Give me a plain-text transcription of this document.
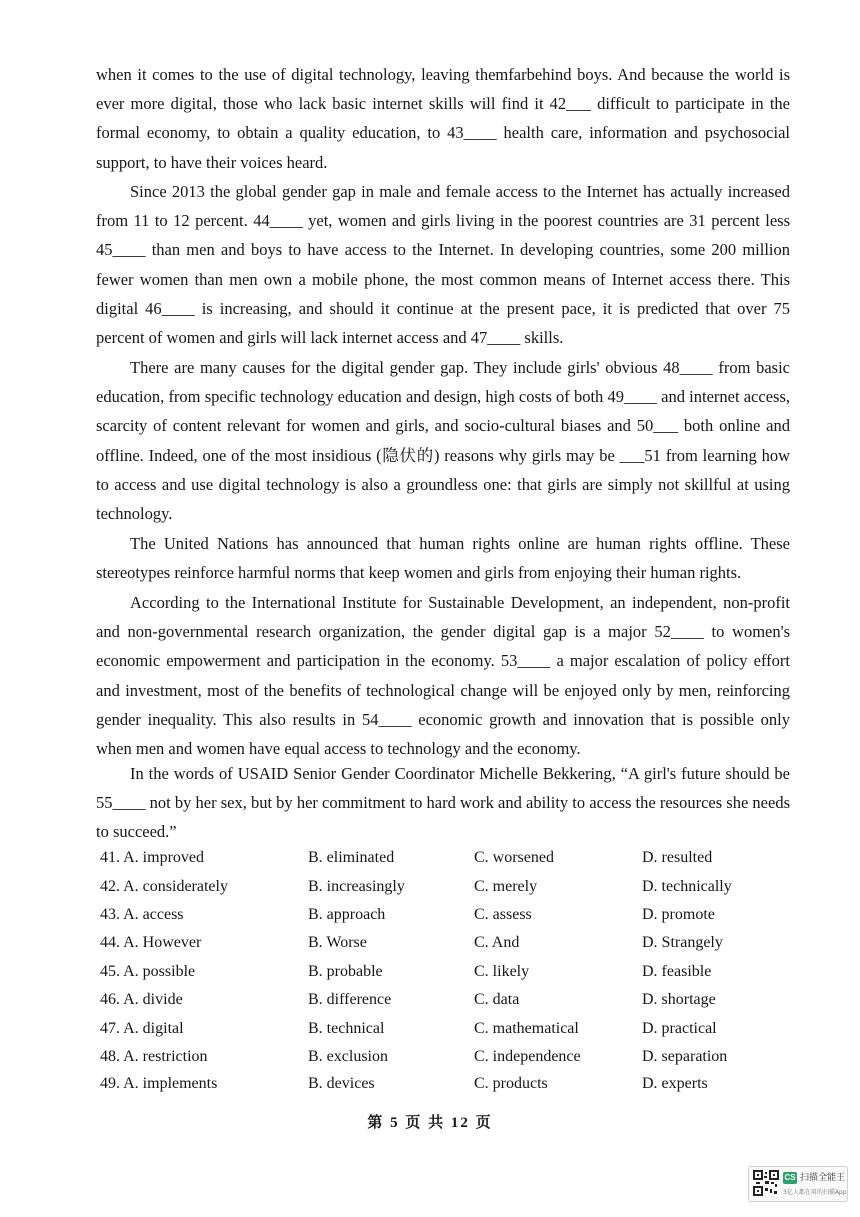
when it comes to the use of digital technology, leaving themfarbehind boys. And because the world is ever more digital, those who lack basic internet skills will find it 42___ difficult to participate in the formal economy, to obtain a quality education, to 43____ health care, information and psychosocial support, to have their voices heard.

Since 2013 the global gender gap in male and female access to the Internet has actually increased from 11 to 12 percent. 44____ yet, women and girls living in the poorest countries are 31 percent less 45____ than men and boys to have access to the Internet. In developing countries, some 200 million fewer women than men own a mobile phone, the most common means of Internet access there. This digital 46____ is increasing, and should it continue at the present pace, it is predicted that over 75 percent of women and girls will lack internet access and 47____ skills.

There are many causes for the digital gender gap. They include girls' obvious 48____ from basic education, from specific technology education and design, high costs of both 49____ and internet access, scarcity of content relevant for women and girls, and socio-cultural biases and 50___ both online and offline. Indeed, one of the most insidious (隐伏的) reasons why girls may be ___51 from learning how to access and use digital technology is also a groundless one: that girls are simply not skillful at using technology.

The United Nations has announced that human rights online are human rights offline. These stereotypes reinforce harmful norms that keep women and girls from enjoying their human rights.

According to the International Institute for Sustainable Development, an independent, non-profit and non-governmental research organization, the gender digital gap is a major 52____ to women's economic empowerment and participation in the economy. 53____ a major escalation of policy effort and investment, most of the benefits of technological change will be enjoyed only by men, reinforcing gender inequality. This also results in 54____ economic growth and innovation that is possible only when men and women have equal access to technology and the economy.

In the words of USAID Senior Gender Coordinator Michelle Bekkering, “A girl's future should be 55____ not by her sex, but by her commitment to hard work and ability to access the resources she needs to succeed.”

41. A. improved	B. eliminated	C. worsened	D. resulted
42. A. considerately	B. increasingly	C. merely	D. technically
43. A. access	B. approach	C. assess	D. promote
44. A. However	B. Worse	C. And	D. Strangely
45. A. possible	B. probable	C. likely	D. feasible
46. A. divide	B. difference	C. data	D. shortage
47. A. digital	B. technical	C. mathematical	D. practical
48. A. restriction	B. exclusion	C. independence	D. separation
49. A. implements	B. devices	C. products	D. experts
第 5 页 共 12 页
CS 扫描全能王
3亿人都在用的扫描App
